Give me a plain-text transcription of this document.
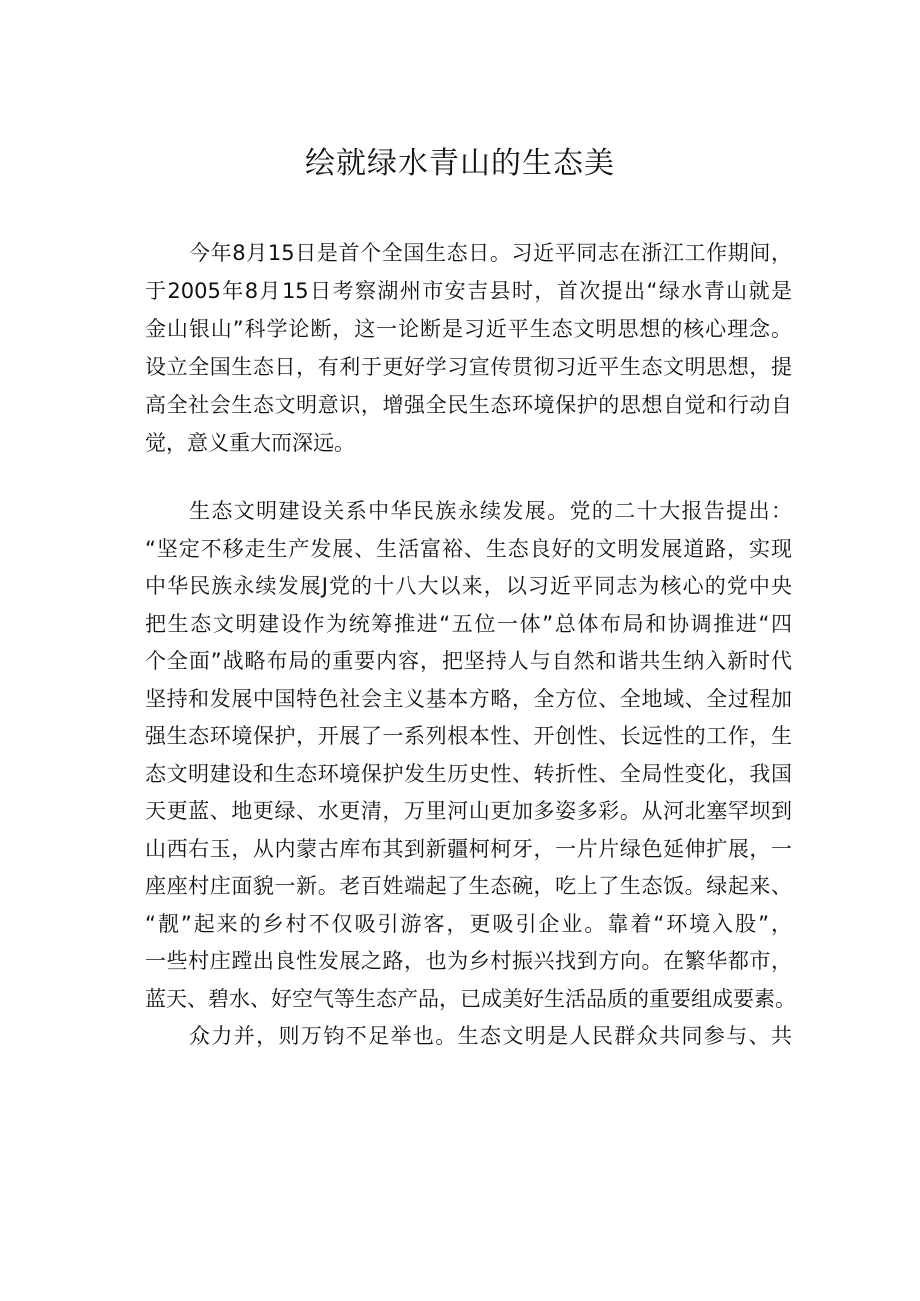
绘就绿水青山的生态美
今年8月15日是首个全国生态日。习近平同志在浙江工作期间，
于2005年8月15日考察湖州市安吉县时，首次提出“绿水青山就是
金山银山”科学论断，这一论断是习近平生态文明思想的核心理念。
设立全国生态日，有利于更好学习宣传贯彻习近平生态文明思想，提
高全社会生态文明意识，增强全民生态环境保护的思想自觉和行动自
觉，意义重大而深远。
生态文明建设关系中华民族永续发展。党的二十大报告提出：
“坚定不移走生产发展、生活富裕、生态良好的文明发展道路，实现
中华民族永续发展J党的十八大以来，以习近平同志为核心的党中央
把生态文明建设作为统筹推进“五位一体”总体布局和协调推进“四
个全面”战略布局的重要内容，把坚持人与自然和谐共生纳入新时代
坚持和发展中国特色社会主义基本方略，全方位、全地域、全过程加
强生态环境保护，开展了一系列根本性、开创性、长远性的工作，生
态文明建设和生态环境保护发生历史性、转折性、全局性变化，我国
天更蓝、地更绿、水更清，万里河山更加多姿多彩。从河北塞罕坝到
山西右玉，从内蒙古库布其到新疆柯柯牙，一片片绿色延伸扩展，一
座座村庄面貌一新。老百姓端起了生态碗，吃上了生态饭。绿起来、
“靓”起来的乡村不仅吸引游客，更吸引企业。靠着“环境入股”，
一些村庄蹚出良性发展之路，也为乡村振兴找到方向。在繁华都市，
蓝天、碧水、好空气等生态产品，已成美好生活品质的重要组成要素。
众力并，则万钧不足举也。生态文明是人民群众共同参与、共
